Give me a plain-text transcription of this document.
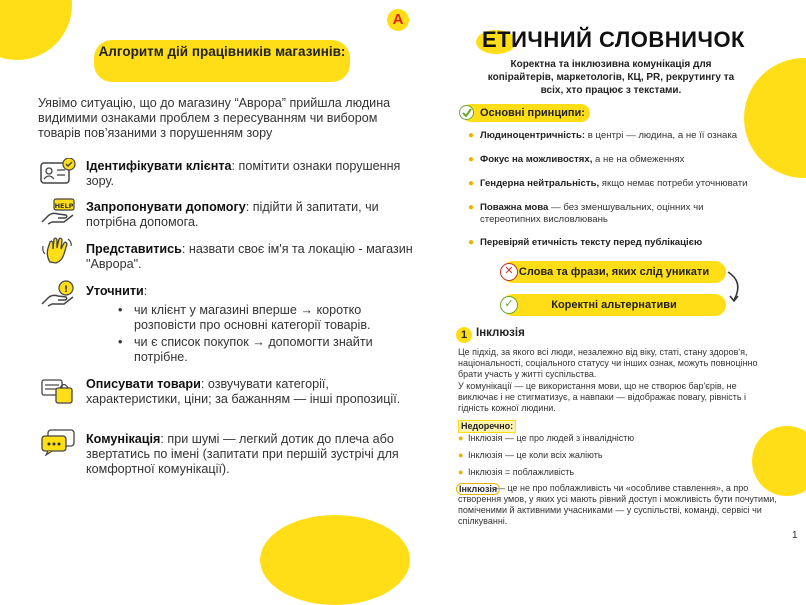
Алгоритм дій працівників магазинів:
Уявімо ситуацію, що до магазину “Аврора” прийшла людина видимими ознаками проблем з пересуванням чи вибором товарів пов’язаними з порушенням зору
HELP
!
Ідентифікувати клієнта: помітити ознаки порушення зору.
Запропонувати допомогу: підійти й запитати, чи потрібна допомога.
Представитись: назвати своє ім'я та локацію - магазин "Аврора".
Уточнити:
• чи клієнт у магазині вперше → коротко розповісти про основні категорії товарів.
• чи є список покупок → допомогти знайти потрібне.
Описувати товари: озвучувати категорії, характеристики, ціни; за бажанням — інші пропозиції.
Комунікація: при шумі — легкий дотик до плеча або звертатись по імені (запитати при першій зустрічі для комфортної комунікації).
А
ЕТИЧНИЙ СЛОВНИЧОК
Коректна та інклюзивна комунікація для копірайтерів, маркетологів, КЦ, PR, рекрутингу та всіх, хто працює з текстами.
Основні принципи:
● Людиноцентричність: в центрі — людина, а не її ознака
● Фокус на можливостях, а не на обмеженнях
● Гендерна нейтральність, якщо немає потреби уточнювати
● Поважна мова — без зменшувальних, оцінних чи стереотипних висловлювань
● Перевіряй етичність тексту перед публікацією
Слова та фрази, яких слід уникати
✕
Коректні альтернативи
✓
1 Інклюзія
Це підхід, за якого всі люди, незалежно від віку, статі, стану здоров'я, національності, соціального статусу чи інших ознак, можуть повноцінно брати участь у житті суспільства.
У комунікації — це використання мови, що не створює бар'єрів, не виключає і не стигматизує, а навпаки — відображає повагу, рівність і гідність кожної людини.
Недоречно:
● Інклюзія — це про людей з інвалідністю
● Інклюзія — це коли всіх жаліють
● Інклюзія = поблажливість
— це не про поблажливість чи «особливе ставлення», а про створення умов, у яких усі мають рівний доступ і можливість бути почутими, поміченими й активними учасниками — у суспільстві, команді, сервісі чи спілкуванні.
Інклюзія
1
